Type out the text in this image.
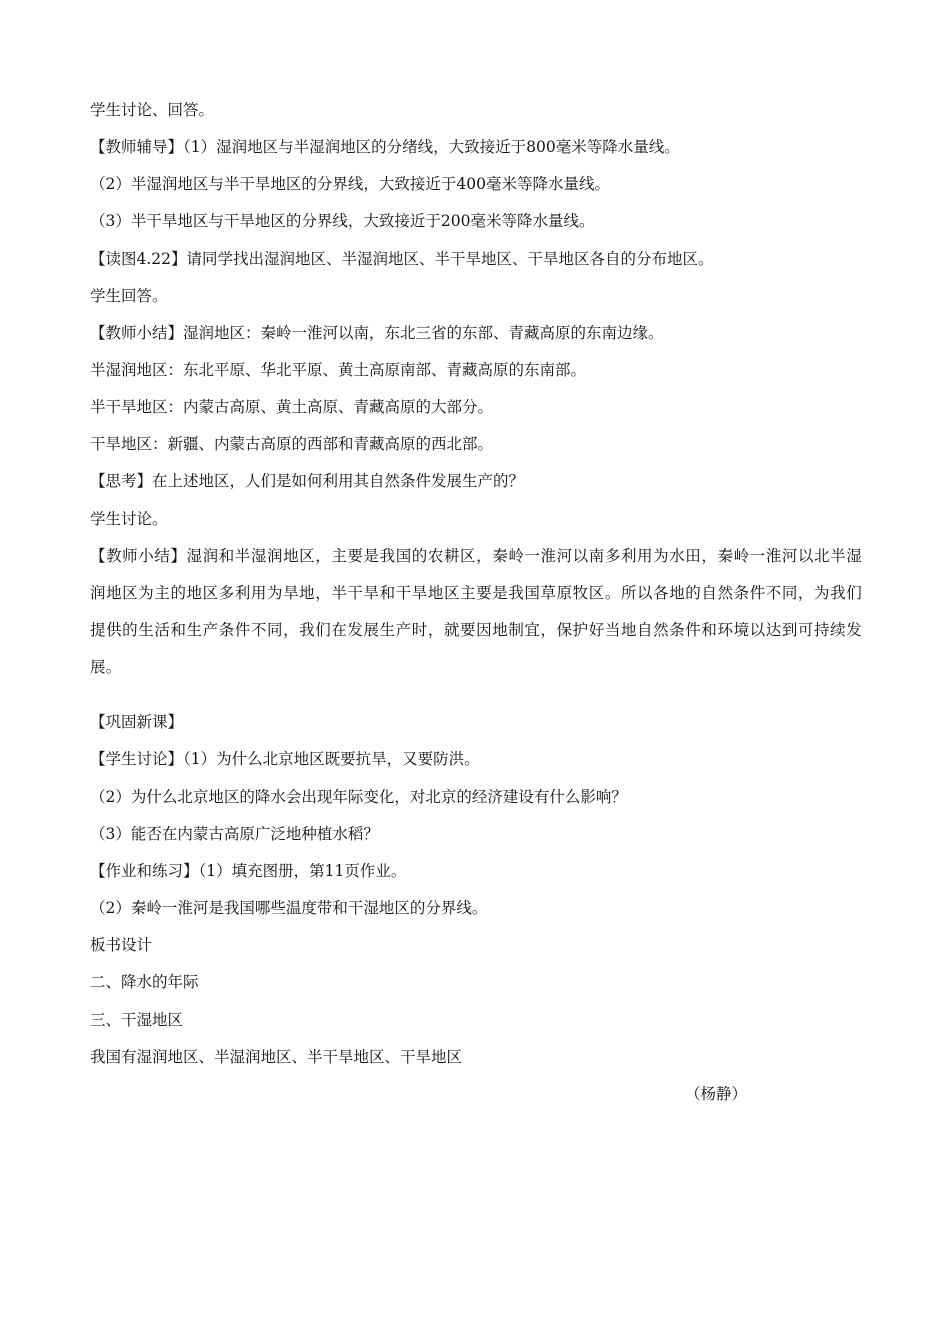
学生讨论、回答。
【教师辅导】（1）湿润地区与半湿润地区的分绪线，大致接近于800毫米等降水量线。
（2）半湿润地区与半干旱地区的分界线，大致接近于400毫米等降水量线。
（3）半干旱地区与干旱地区的分界线，大致接近于200毫米等降水量线。
【读图4.22】请同学找出湿润地区、半湿润地区、半干旱地区、干旱地区各自的分布地区。
学生回答。
【教师小结】湿润地区：秦岭一淮河以南，东北三省的东部、青藏高原的东南边缘。
半湿润地区：东北平原、华北平原、黄土高原南部、青藏高原的东南部。
半干旱地区：内蒙古高原、黄土高原、青藏高原的大部分。
干旱地区：新疆、内蒙古高原的西部和青藏高原的西北部。
【思考】在上述地区，人们是如何利用其自然条件发展生产的？
学生讨论。
【教师小结】湿润和半湿润地区，主要是我国的农耕区，秦岭一淮河以南多利用为水田，秦岭一淮河以北半湿润地区为主的地区多利用为旱地，半干旱和干旱地区主要是我国草原牧区。所以各地的自然条件不同，为我们提供的生活和生产条件不同，我们在发展生产时，就要因地制宜，保护好当地自然条件和环境以达到可持续发展。
【巩固新课】
【学生讨论】（1）为什么北京地区既要抗旱，又要防洪。
（2）为什么北京地区的降水会出现年际变化，对北京的经济建设有什么影响？
（3）能否在内蒙古高原广泛地种植水稻？
【作业和练习】（1）填充图册，第11页作业。
（2）秦岭一淮河是我国哪些温度带和干湿地区的分界线。
板书设计
二、降水的年际
三、干湿地区
我国有湿润地区、半湿润地区、半干旱地区、干旱地区
（杨静）
